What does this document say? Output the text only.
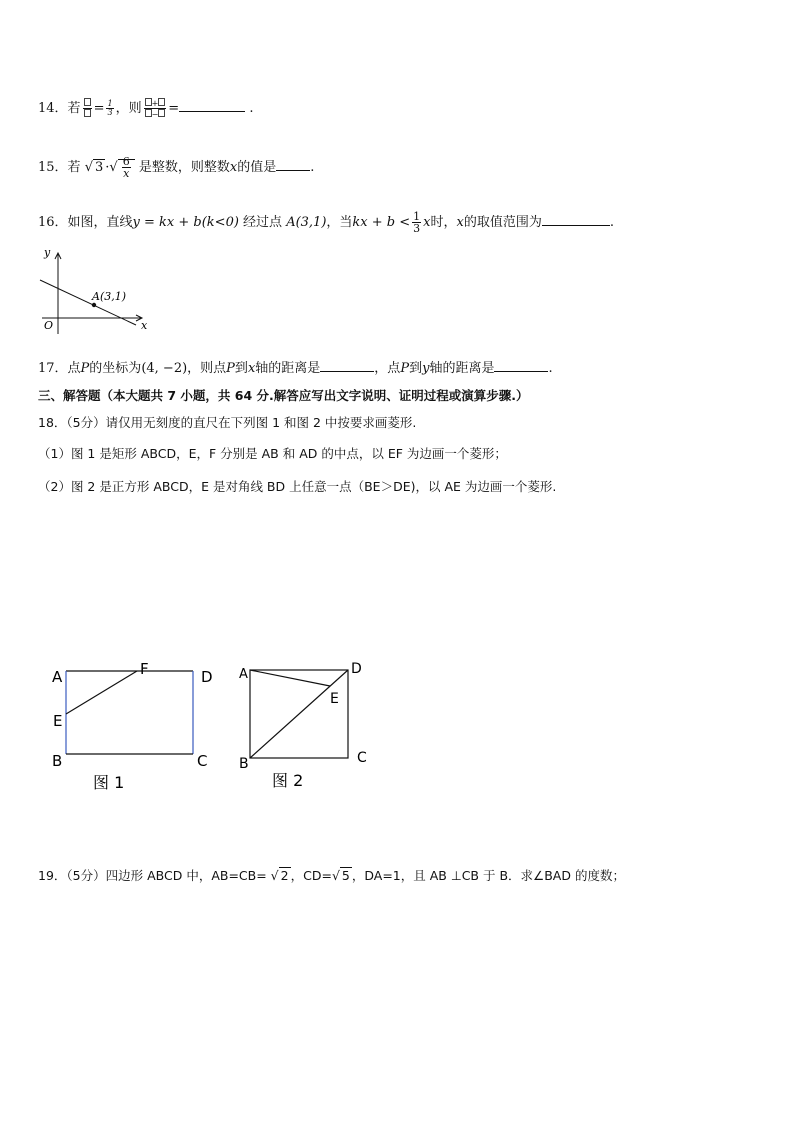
14．若 = $\frac{1}{3}$ ，则 $\frac{+}{-}$ =	.
15．若 √ 3 ·√ $\frac{6}{x}$ 是整数，则整数x的值是	.
16．如图，直线y = kx + b(k<0) 经过点 A(3,1)，当kx + $b < \frac{1}{3}$ x时，x的取值范围为	.
y
x
O
A(3,1)
17．点P的坐标为(4, −2)，则点P到x轴的距离是	，点P到y轴的距离是	.
三、解答题（本大题共 7 小题，共 64 分.解答应写出文字说明、证明过程或演算步骤.）
18．（5分）请仅用无刻度的直尺在下列图 1 和图 2 中按要求画菱形.
（1）图 1 是矩形 ABCD，E，F 分别是 AB 和 AD 的中点，以 EF 为边画一个菱形；
（2）图 2 是正方形 ABCD，E 是对角线 BD 上任意一点（BE＞DE)，以 AE 为边画一个菱形.
A	F	D
E
B	C
图 1
A	D
E
B	C
图 2
19．（5分）四边形 ABCD 中，AB=CB= √ 2 ，CD=√ 5 ，DA=1，且 AB ⊥CB 于 B．求∠BAD 的度数；
